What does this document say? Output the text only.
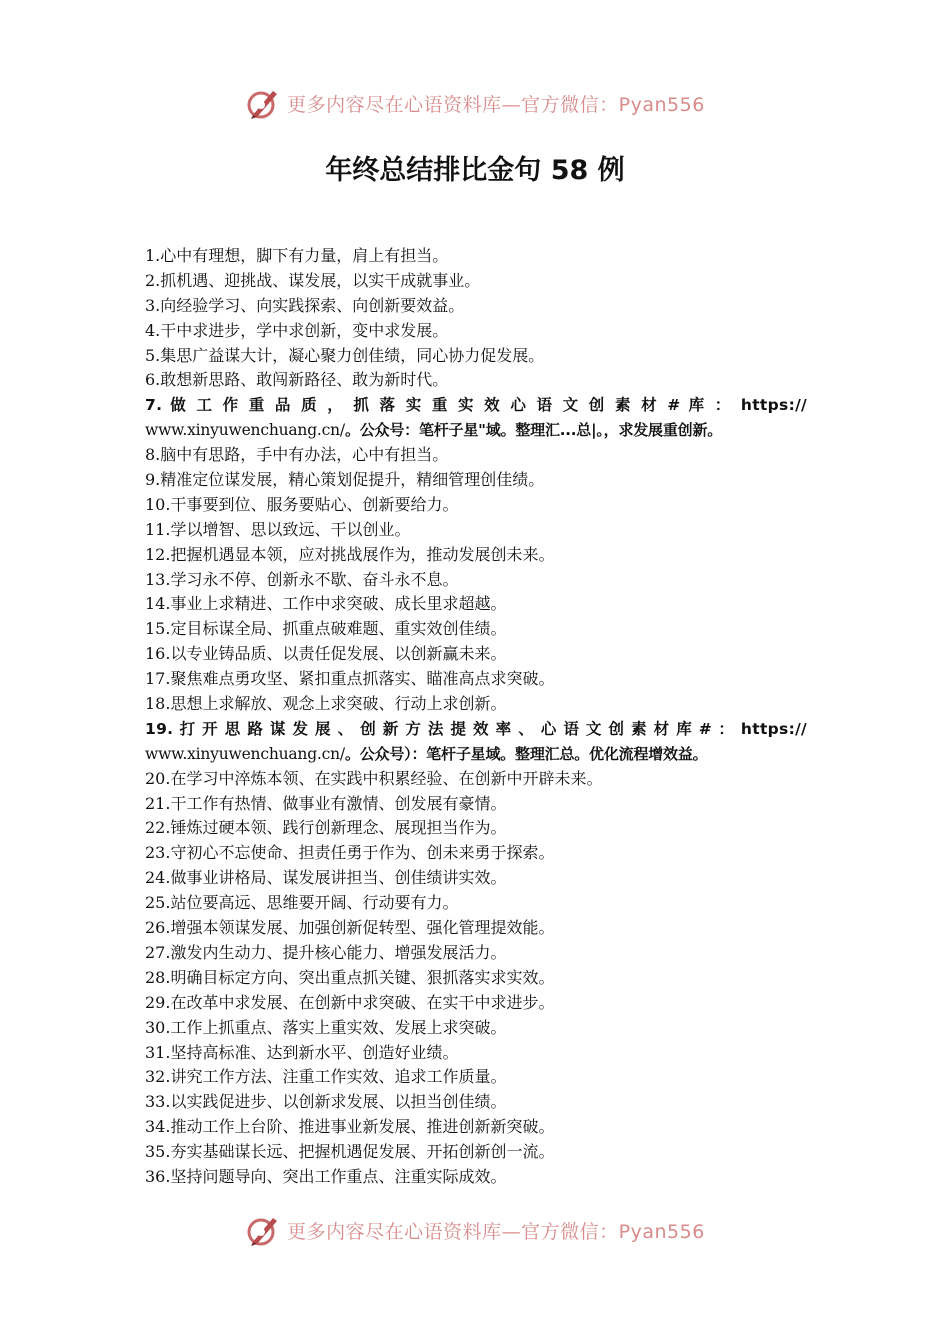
更多内容尽在心语资料库—官方微信：Pyan556
年终总结排比金句 58 例
1.心中有理想，脚下有力量，肩上有担当。
2.抓机遇、迎挑战、谋发展，以实干成就事业。
3.向经验学习、向实践探索、向创新要效益。
4.干中求进步，学中求创新，变中求发展。
5.集思广益谋大计，凝心聚力创佳绩，同心协力促发展。
6.敢想新思路、敢闯新路径、敢为新时代。
7. 做 工 作 重 品 质 ， 抓 落 实 重 实 效 心 语 文 创 素 材 # 库 ： https://
www.xinyuwenchuang.cn/。公众号：笔杆子星"域。整理汇...总|。，求发展重创新。
8.脑中有思路，手中有办法，心中有担当。
9.精准定位谋发展，精心策划促提升，精细管理创佳绩。
10.干事要到位、服务要贴心、创新要给力。
11.学以增智、思以致远、干以创业。
12.把握机遇显本领，应对挑战展作为，推动发展创未来。
13.学习永不停、创新永不歇、奋斗永不息。
14.事业上求精进、工作中求突破、成长里求超越。
15.定目标谋全局、抓重点破难题、重实效创佳绩。
16.以专业铸品质、以责任促发展、以创新赢未来。
17.聚焦难点勇攻坚、紧扣重点抓落实、瞄准高点求突破。
18.思想上求解放、观念上求突破、行动上求创新。
19. 打 开 思 路 谋 发 展 、 创 新 方 法 提 效 率 、 心 语 文 创 素 材 库 # ： https://
www.xinyuwenchuang.cn/。公众号）：笔杆子星域。整理汇总。优化流程增效益。
20.在学习中淬炼本领、在实践中积累经验、在创新中开辟未来。
21.干工作有热情、做事业有激情、创发展有豪情。
22.锤炼过硬本领、践行创新理念、展现担当作为。
23.守初心不忘使命、担责任勇于作为、创未来勇于探索。
24.做事业讲格局、谋发展讲担当、创佳绩讲实效。
25.站位要高远、思维要开阔、行动要有力。
26.增强本领谋发展、加强创新促转型、强化管理提效能。
27.激发内生动力、提升核心能力、增强发展活力。
28.明确目标定方向、突出重点抓关键、狠抓落实求实效。
29.在改革中求发展、在创新中求突破、在实干中求进步。
30.工作上抓重点、落实上重实效、发展上求突破。
31.坚持高标准、达到新水平、创造好业绩。
32.讲究工作方法、注重工作实效、追求工作质量。
33.以实践促进步、以创新求发展、以担当创佳绩。
34.推动工作上台阶、推进事业新发展、推进创新新突破。
35.夯实基础谋长远、把握机遇促发展、开拓创新创一流。
36.坚持问题导向、突出工作重点、注重实际成效。
更多内容尽在心语资料库—官方微信：Pyan556
